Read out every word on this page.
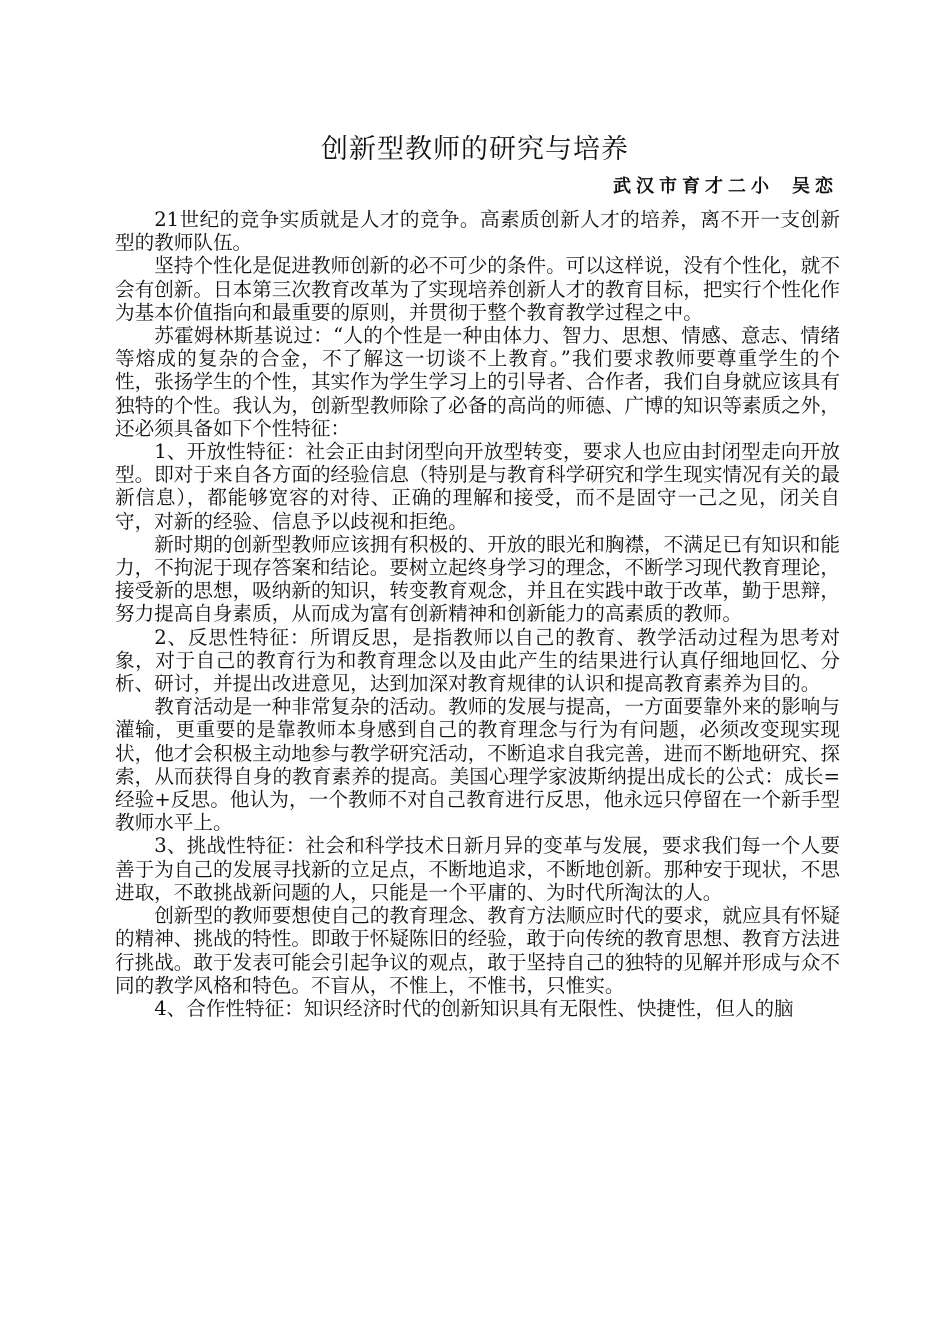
创新型教师的研究与培养
武汉市育才二小 吴恋

21世纪的竞争实质就是人才的竞争。高素质创新人才的培养，离不开一支创新型的教师队伍。

坚持个性化是促进教师创新的必不可少的条件。可以这样说，没有个性化，就不会有创新。日本第三次教育改革为了实现培养创新人才的教育目标，把实行个性化作为基本价值指向和最重要的原则，并贯彻于整个教育教学过程之中。

苏霍姆林斯基说过：“人的个性是一种由体力、智力、思想、情感、意志、情绪等熔成的复杂的合金，不了解这一切谈不上教育。”我们要求教师要尊重学生的个性，张扬学生的个性，其实作为学生学习上的引导者、合作者，我们自身就应该具有独特的个性。我认为，创新型教师除了必备的高尚的师德、广博的知识等素质之外，还必须具备如下个性特征：

1、开放性特征：社会正由封闭型向开放型转变，要求人也应由封闭型走向开放型。即对于来自各方面的经验信息（特别是与教育科学研究和学生现实情况有关的最新信息），都能够宽容的对待、正确的理解和接受，而不是固守一己之见，闭关自守，对新的经验、信息予以歧视和拒绝。

新时期的创新型教师应该拥有积极的、开放的眼光和胸襟，不满足已有知识和能力，不拘泥于现存答案和结论。要树立起终身学习的理念，不断学习现代教育理论，接受新的思想，吸纳新的知识，转变教育观念，并且在实践中敢于改革，勤于思辩，努力提高自身素质，从而成为富有创新精神和创新能力的高素质的教师。

2、反思性特征：所谓反思，是指教师以自己的教育、教学活动过程为思考对象，对于自己的教育行为和教育理念以及由此产生的结果进行认真仔细地回忆、分析、研讨，并提出改进意见，达到加深对教育规律的认识和提高教育素养为目的。

教育活动是一种非常复杂的活动。教师的发展与提高，一方面要靠外来的影响与灌输，更重要的是靠教师本身感到自己的教育理念与行为有问题，必须改变现实现状，他才会积极主动地参与教学研究活动，不断追求自我完善，进而不断地研究、探索，从而获得自身的教育素养的提高。美国心理学家波斯纳提出成长的公式：成长=经验+反思。他认为，一个教师不对自己教育进行反思，他永远只停留在一个新手型教师水平上。

3、挑战性特征：社会和科学技术日新月异的变革与发展，要求我们每一个人要善于为自己的发展寻找新的立足点，不断地追求，不断地创新。那种安于现状，不思进取，不敢挑战新问题的人，只能是一个平庸的、为时代所淘汰的人。

创新型的教师要想使自己的教育理念、教育方法顺应时代的要求，就应具有怀疑的精神、挑战的特性。即敢于怀疑陈旧的经验，敢于向传统的教育思想、教育方法进行挑战。敢于发表可能会引起争议的观点，敢于坚持自己的独特的见解并形成与众不同的教学风格和特色。不盲从，不惟上，不惟书，只惟实。

4、合作性特征：知识经济时代的创新知识具有无限性、快捷性，但人的脑
